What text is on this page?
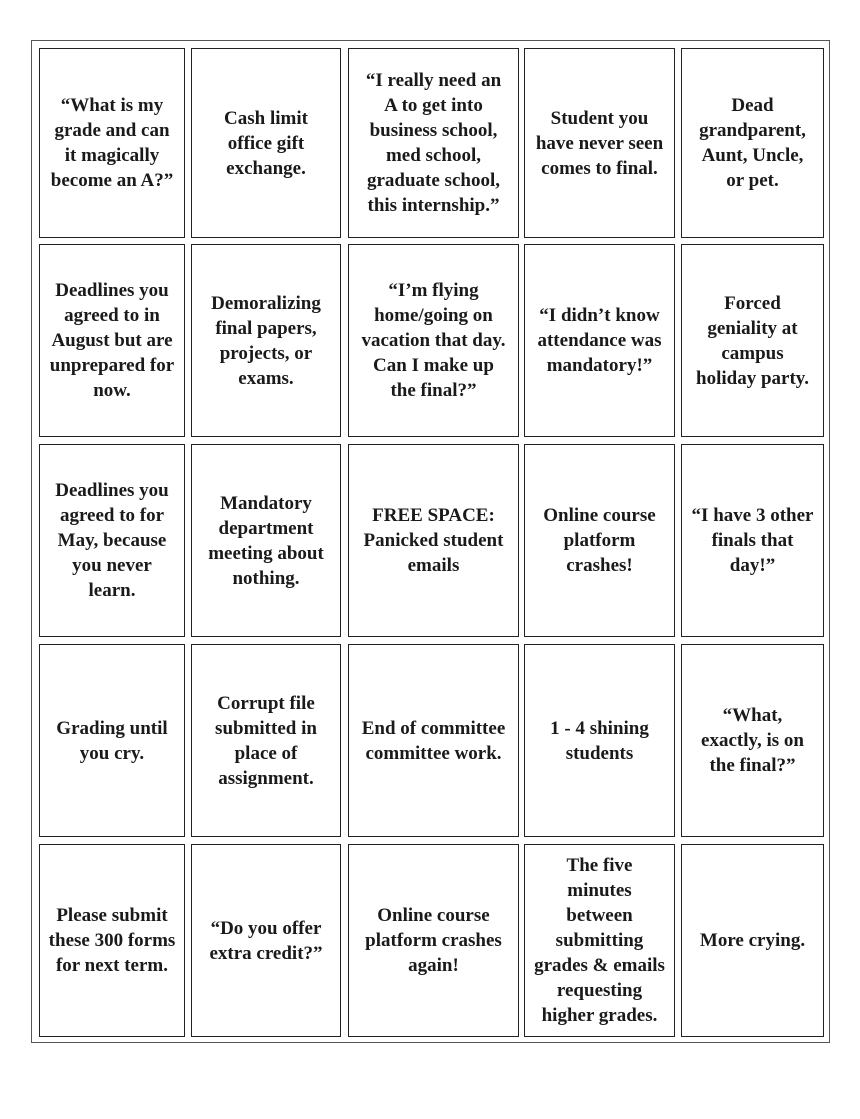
“What is my
grade and can
it magically
become an A?”
Cash limit
office gift
exchange.
“I really need an
A to get into
business school,
med school,
graduate school,
this internship.”
Student you
have never seen
comes to final.
Dead
grandparent,
Aunt, Uncle,
or pet.
Deadlines you
agreed to in
August but are
unprepared for
now.
Demoralizing
final papers,
projects, or
exams.
“I’m flying
home/going on
vacation that day.
Can I make up
the final?”
“I didn’t know
attendance was
mandatory!”
Forced
geniality at
campus
holiday party.
Deadlines you
agreed to for
May, because
you never
learn.
Mandatory
department
meeting about
nothing.
FREE SPACE:
Panicked student
emails
Online course
platform
crashes!
“I have 3 other
finals that
day!”
Grading until
you cry.
Corrupt file
submitted in
place of
assignment.
End of committee
committee work.
1 - 4 shining
students
“What,
exactly, is on
the final?”
Please submit
these 300 forms
for next term.
“Do you offer
extra credit?”
Online course
platform crashes
again!
The five
minutes
between
submitting
grades & emails
requesting
higher grades.
More crying.
